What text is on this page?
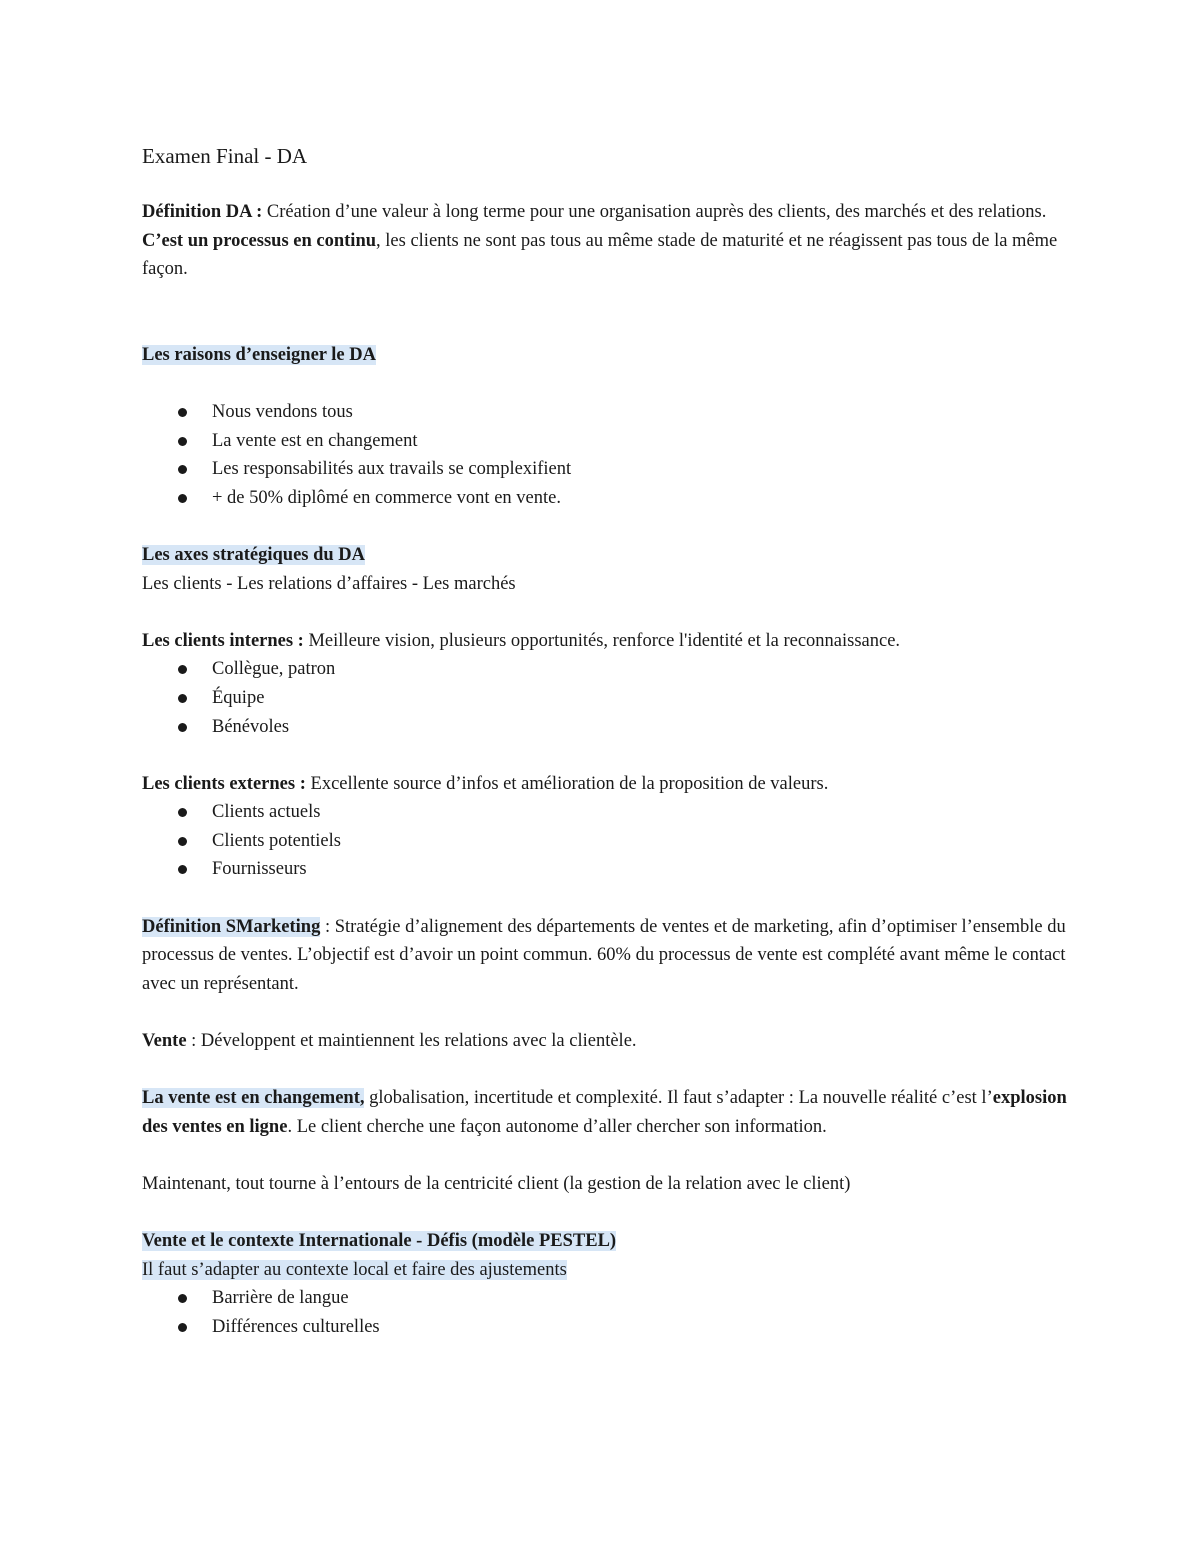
Examen Final - DA

Définition DA : Création d’une valeur à long terme pour une organisation auprès des clients, des marchés et des relations.

C’est un processus en continu, les clients ne sont pas tous au même stade de maturité et ne réagissent pas tous de la même façon.

Les raisons d’enseigner le DA

Nous vendons tous
La vente est en changement
Les responsabilités aux travails se complexifient
+ de 50% diplômé en commerce vont en vente.

Les axes stratégiques du DA

Les clients - Les relations d’affaires - Les marchés

Les clients internes : Meilleure vision, plusieurs opportunités, renforce l'identité et la reconnaissance.

Collègue, patron
Équipe
Bénévoles

Les clients externes : Excellente source d’infos et amélioration de la proposition de valeurs.

Clients actuels
Clients potentiels
Fournisseurs

Définition SMarketing : Stratégie d’alignement des départements de ventes et de marketing, afin d’optimiser l’ensemble du processus de ventes. L’objectif est d’avoir un point commun. 60% du processus de vente est complété avant même le contact avec un représentant.

Vente : Développent et maintiennent les relations avec la clientèle.

La vente est en changement, globalisation, incertitude et complexité. Il faut s’adapter : La nouvelle réalité c’est l’explosion des ventes en ligne. Le client cherche une façon autonome d’aller chercher son information.

Maintenant, tout tourne à l’entours de la centricité client (la gestion de la relation avec le client)

Vente et le contexte Internationale - Défis (modèle PESTEL)

Il faut s’adapter au contexte local et faire des ajustements

Barrière de langue
Différences culturelles
